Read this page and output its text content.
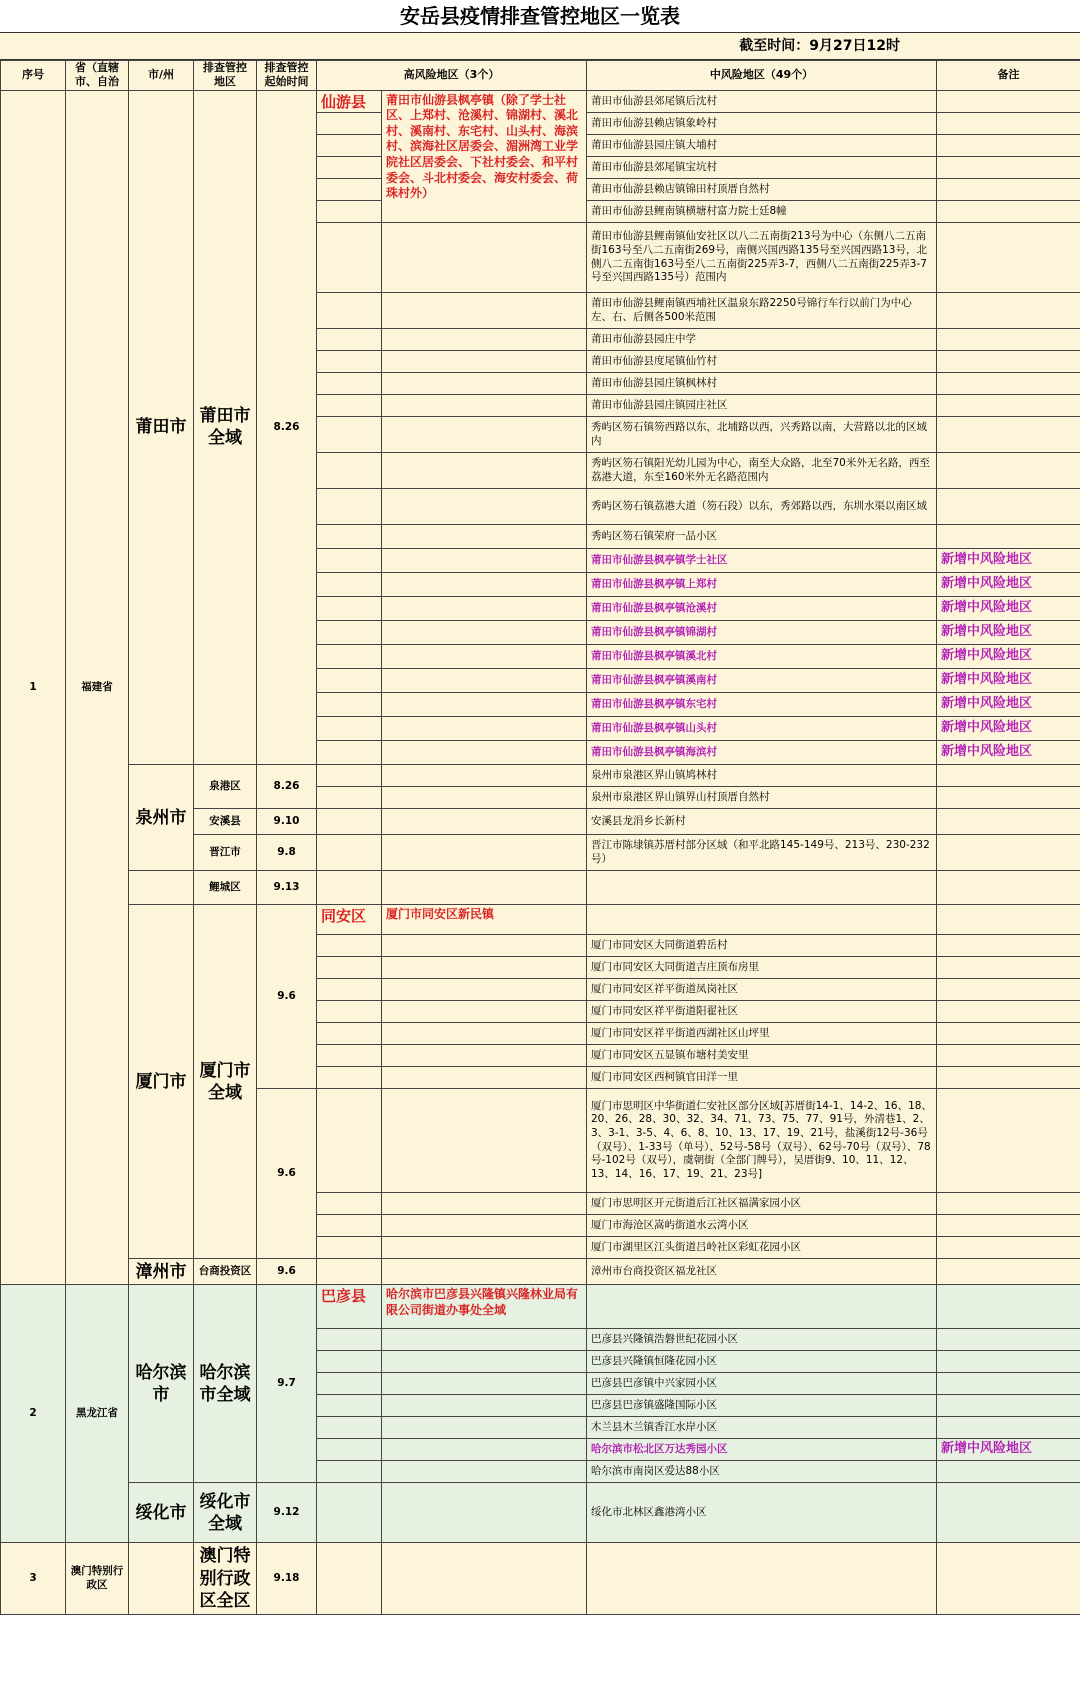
安岳县疫情排查管控地区一览表
截至时间：9月27日12时
序号	省（直辖市、自治	市/州	排查管控地区	排查管控起始时间	高风险地区（3个）		中风险地区（49个）	备注
1	福建省	莆田市	莆田市全域	8.26	仙游县	莆田市仙游县枫亭镇（除了学士社区、上郑村、沧溪村、锦湖村、溪北村、溪南村、东宅村、山头村、海滨村、滨海社区居委会、湄洲湾工业学院社区居委会、下社村委会、和平村委会、斗北村委会、海安村委会、荷珠村外）	莆田市仙游县郊尾镇后沈村	
							莆田市仙游县赖店镇象岭村	
							莆田市仙游县园庄镇大埔村	
							莆田市仙游县郊尾镇宝坑村	
							莆田市仙游县赖店镇锦田村顶厝自然村	
							莆田市仙游县鲤南镇横塘村富力院士廷8幢	
							莆田市仙游县鲤南镇仙安社区以八二五南街213号为中心（东侧八二五南街163号至八二五南街269号，南侧兴国西路135号至兴国西路13号，北侧八二五南街163号至八二五南街225弄3-7，西侧八二五南街225弄3-7号至兴国西路135号）范围内	
							莆田市仙游县鲤南镇西埔社区温泉东路2250号锦行车行以前门为中心左、右、后侧各500米范围	
							莆田市仙游县园庄中学	
							莆田市仙游县度尾镇仙竹村	
							莆田市仙游县园庄镇枫林村	
							莆田市仙游县园庄镇园庄社区	
							秀屿区笏石镇笏西路以东，北埔路以西，兴秀路以南，大营路以北的区域内	
							秀屿区笏石镇阳光幼儿园为中心，南至大众路，北至70米外无名路，西至荔港大道，东至160米外无名路范围内	
							秀屿区笏石镇荔港大道（笏石段）以东，秀郊路以西，东圳水渠以南区域	
							秀屿区笏石镇荣府一品小区	
							莆田市仙游县枫亭镇学士社区	新增中风险地区
							莆田市仙游县枫亭镇上郑村	新增中风险地区
							莆田市仙游县枫亭镇沧溪村	新增中风险地区
							莆田市仙游县枫亭镇锦湖村	新增中风险地区
							莆田市仙游县枫亭镇溪北村	新增中风险地区
							莆田市仙游县枫亭镇溪南村	新增中风险地区
							莆田市仙游县枫亭镇东宅村	新增中风险地区
							莆田市仙游县枫亭镇山头村	新增中风险地区
							莆田市仙游县枫亭镇海滨村	新增中风险地区
		泉州市	泉港区	8.26			泉州市泉港区界山镇鸠林村	
							泉州市泉港区界山镇界山村顶厝自然村	
			安溪县	9.10			安溪县龙涓乡长新村	
			晋江市	9.8			晋江市陈埭镇苏厝村部分区域（和平北路145-149号、213号、230-232号）	
			鲤城区	9.13				
		厦门市	厦门市全域	9.6	同安区	厦门市同安区新民镇		
							厦门市同安区大同街道碧岳村	
							厦门市同安区大同街道吉庄顶布房里	
							厦门市同安区祥平街道凤岗社区	
							厦门市同安区祥平街道阳翟社区	
							厦门市同安区祥平街道西湖社区山坪里	
							厦门市同安区五显镇布塘村美安里	
							厦门市同安区西柯镇官田洋一里	
				9.6			厦门市思明区中华街道仁安社区部分区域[苏厝街14-1、14-2、16、18、20、26、28、30、32、34、71、73、75、77、91号，外清巷1、2、3、3-1、3-5、4、6、8、10、13、17、19、21号，盐溪街12号-36号（双号）、1-33号（单号）、52号-58号（双号）、62号-70号（双号）、78号-102号（双号），虞朝街（全部门牌号），吴厝街9、10、11、12、13、14、16、17、19、21、23号]	
							厦门市思明区开元街道后江社区福满家园小区	
							厦门市海沧区嵩屿街道水云湾小区	
							厦门市湖里区江头街道吕岭社区彩虹花园小区	
		漳州市	台商投资区	9.6			漳州市台商投资区福龙社区	
2	黑龙江省	哈尔滨市	哈尔滨市全域	9.7	巴彦县	哈尔滨市巴彦县兴隆镇兴隆林业局有限公司街道办事处全域		
							巴彦县兴隆镇浩磐世纪花园小区	
							巴彦县兴隆镇恒隆花园小区	
							巴彦县巴彦镇中兴家园小区	
							巴彦县巴彦镇盛隆国际小区	
							木兰县木兰镇香江水岸小区	
							哈尔滨市松北区万达秀园小区	新增中风险地区
							哈尔滨市南岗区爱达88小区	
		绥化市	绥化市全域	9.12			绥化市北林区鑫港湾小区	
3	澳门特别行政区		澳门特别行政区全区	9.18				
